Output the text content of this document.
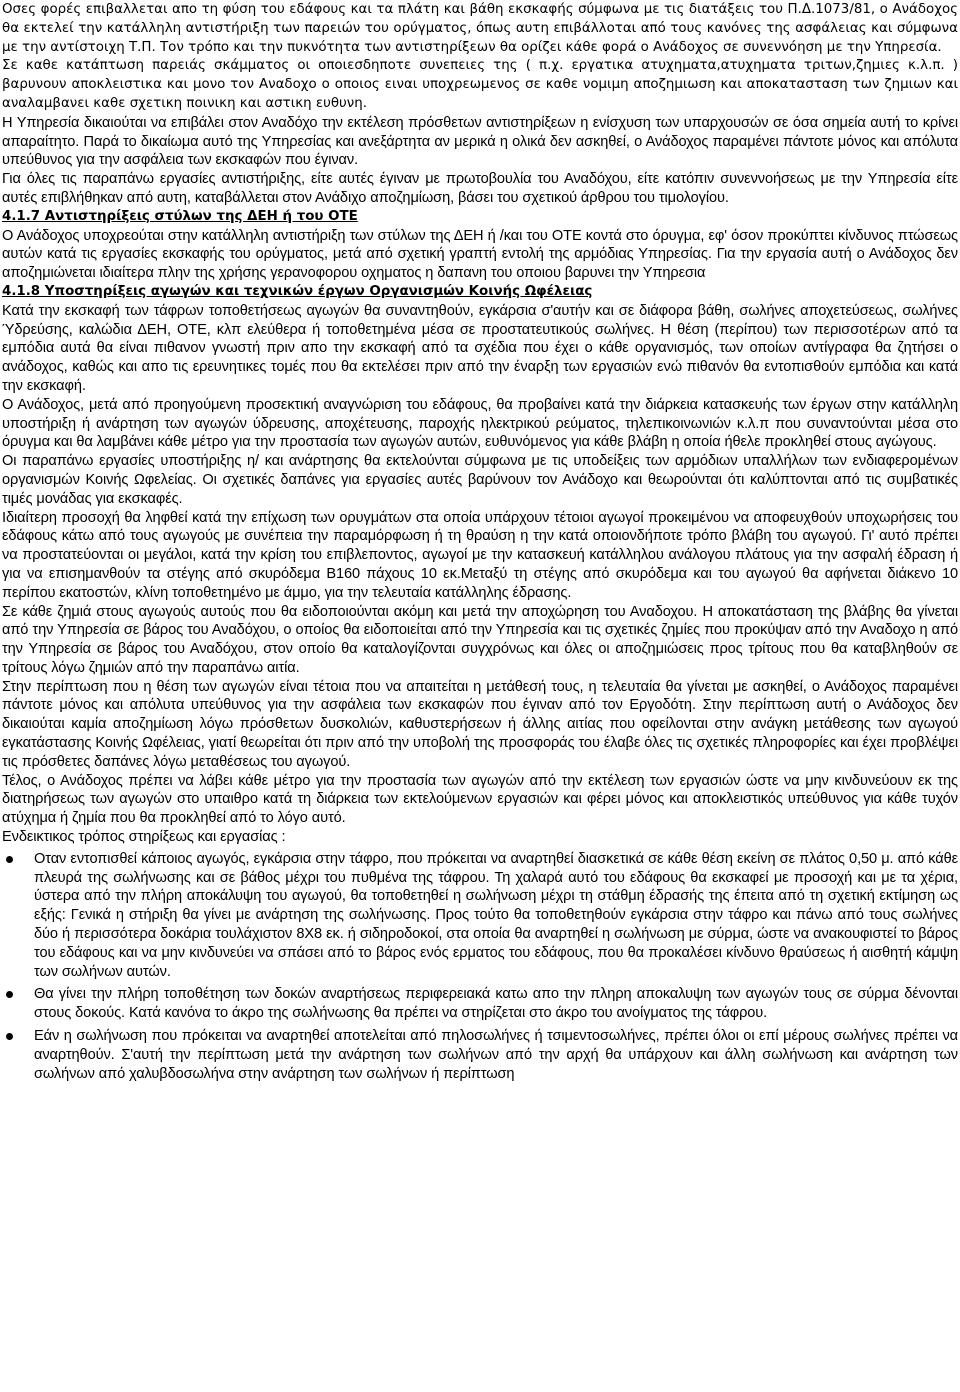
Οσες φορές επιβαλλεται απο τη φύση του εδάφους και τα πλάτη και βάθη εκσκαφής σύμφωνα με τις διατάξεις του Π.Δ.1073/81, ο Ανάδοχος θα εκτελεί την κατάλληλη αντιστήριξη των παρειών του ορύγματος, όπως αυτη επιβάλλοται από τους κανόνες της ασφάλειας και σύμφωνα με την αντίστοιχη Τ.Π. Τον τρόπο και την πυκνότητα των αντιστηρίξεων θα ορίζει κάθε φορά ο Ανάδοχος σε συνεννόηση με την Υπηρεσία.

Σε καθε κατάπτωση παρειάς σκάμματος οι οποιεσδηποτε συνεπειες της ( π.χ. εργατικα ατυχηματα,ατυχηματα τριτων,ζημιες κ.λ.π. ) βαρυνουν αποκλειστικα και μονο τον Αναδοχο ο οποιος ειναι υποχρεωμενος σε καθε νομιμη αποζημιωση και αποκατασταση των ζημιων και αναλαμβανει καθε σχετικη ποινικη και αστικη ευθυνη.

Η Υπηρεσία δικαιούται να επιβάλει στον Αναδόχο την εκτέλεση πρόσθετων αντιστηρίξεων η ενίσχυση των υπαρχουσών σε όσα σημεία αυτή το κρίνει απαραίτητο. Παρά το δικαίωμα αυτό της Υπηρεσίας και ανεξάρτητα αν μερικά η ολικά δεν ασκηθεί, ο Ανάδοχος παραμένει πάντοτε μόνος και απόλυτα υπεύθυνος για την ασφάλεια των εκσκαφών που έγιναν.

Για όλες τις παραπάνω εργασίες αντιστήριξης, είτε αυτές έγιναν με πρωτοβουλία του Αναδόχου, είτε κατόπιν συνεννοήσεως με την Υπηρεσία είτε αυτές επιβλήθηκαν από αυτη, καταβάλλεται στον Ανάδιχο αποζημίωση, βάσει του σχετικού άρθρου του τιμολογίου.

4.1.7 Αντιστηρίξεις στύλων της ΔΕΗ ή του ΟΤΕ

Ο Ανάδοχος υποχρεούται στην κατάλληλη αντιστήριξη των στύλων της ΔΕΗ ή /και του ΟΤΕ κοντά στο όρυγμα, εφ' όσον προκύπτει κίνδυνος πτώσεως αυτών κατά τις εργασίες εκσκαφής του ορύγματος, μετά από σχετική γραπτή εντολή της αρμόδιας Υπηρεσίας. Για την εργασία αυτή ο Ανάδοχος δεν αποζημιώνεται ιδιαίτερα πλην της χρήσης γερανοφορου οχηματος η δαπανη του οποιου βαρυνει την Υπηρεσια

4.1.8 Υποστηρίξεις αγωγών και τεχνικών έργων Οργανισμών Κοινής Ωφέλειας

Κατά την εκσκαφή των τάφρων τοποθετήσεως αγωγών θα συναντηθούν, εγκάρσια σ'αυτήν και σε διάφορα βάθη, σωλήνες αποχετεύσεως, σωλήνες Ύδρεύσης, καλώδια ΔΕΗ, ΟΤΕ, κλπ ελεύθερα ή τοποθετημένα μέσα σε προστατευτικούς σωλήνες. Η θέση (περίπου) των περισσοτέρων από τα εμπόδια αυτά θα είναι πιθανον γνωστή πριν απο την εκσκαφή από τα σχέδια που έχει ο κάθε οργανισμός, των οποίων αντίγραφα θα ζητήσει ο ανάδοχος, καθώς και απο τις ερευνητικες τομές που θα εκτελέσει πριν από την έναρξη των εργασιών ενώ πιθανόν θα εντοπισθούν εμπόδια και κατά την εκσκαφή.

Ο Ανάδοχος, μετά από προηγούμενη προσεκτική αναγνώριση του εδάφους, θα προβαίνει κατά την διάρκεια κατασκευής των έργων στην κατάλληλη υποστήριξη ή ανάρτηση των αγωγών ύδρευσης, αποχέτευσης, παροχής ηλεκτρικού ρεύματος, τηλεπικοινωνιών κ.λ.π που συναντούνται μέσα στο όρυγμα και θα λαμβάνει κάθε μέτρο για την προστασία των αγωγών αυτών, ευθυνόμενος για κάθε βλάβη η οποία ήθελε προκληθεί στους αγώγους.

Οι παραπάνω εργασίες υποστήριξης η/ και ανάρτησης θα εκτελούνται σύμφωνα με τις υποδείξεις των αρμόδιων υπαλλήλων των ενδιαφερομένων οργανισμών Κοινής Ωφελείας. Οι σχετικές δαπάνες για εργασίες αυτές βαρύνουν τον Ανάδοχο και θεωρούνται ότι καλύπτονται από τις συμβατικές τιμές μονάδας για εκσκαφές.

Ιδιαίτερη προσοχή θα ληφθεί κατά την επίχωση των ορυγμάτων στα οποία υπάρχουν τέτοιοι αγωγοί προκειμένου να αποφευχθούν υποχωρήσεις του εδάφους κάτω από τους αγωγούς με συνέπεια την παραμόρφωση ή τη θραύση η την κατά οποιονδήποτε τρόπο βλάβη του αγωγού. Γι' αυτό πρέπει να προστατεύονται οι μεγάλοι, κατά την κρίση του επιβλεποντος, αγωγοί με την κατασκευή κατάλληλου ανάλογου πλάτους για την ασφαλή έδραση ή για να επισημανθούν τα στέγης από σκυρόδεμα B160 πάχους 10 εκ.Μεταξύ τη στέγης από σκυρόδεμα και του αγωγού θα αφήνεται διάκενο 10 περίπου εκατοστών, κλίνη τοποθετημένο με άμμο, για την τελευταία κατάλληλης έδρασης.

Σε κάθε ζημιά στους αγωγούς αυτούς που θα ειδοποιούνται ακόμη και μετά την αποχώρηση του Αναδοχου. Η αποκατάσταση της βλάβης θα γίνεται από την Υπηρεσία σε βάρος του Αναδόχου, ο οποίος θα ειδοποιείται από την Υπηρεσία και τις σχετικές ζημίες που προκύψαν από την Αναδοχο η από την Υπηρεσία σε βάρος του Αναδόχου, στον οποίο θα καταλογίζονται συγχρόνως και όλες οι αποζημιώσεις προς τρίτους που θα καταβληθούν σε τρίτους λόγω ζημιών από την παραπάνω αιτία.

Στην περίπτωση που η θέση των αγωγών είναι τέτοια που να απαιτείται η μετάθεσή τους, η τελευταία θα γίνεται με ασκηθεί, ο Ανάδοχος παραμένει πάντοτε μόνος και απόλυτα υπεύθυνος για την ασφάλεια των εκσκαφών που έγιναν από τον Εργοδότη. Στην περίπτωση αυτή ο Ανάδοχος δεν δικαιούται καμία αποζημίωση λόγω πρόσθετων δυσκολιών, καθυστερήσεων ή άλλης αιτίας που οφείλονται στην ανάγκη μετάθεσης των αγωγού εγκατάστασης Κοινής Ωφέλειας, γιατί θεωρείται ότι πριν από την υποβολή της προσφοράς του έλαβε όλες τις σχετικές πληροφορίες και έχει προβλέψει τις πρόσθετες δαπάνες λόγω μεταθέσεως του αγωγού.

Τέλος, ο Ανάδοχος πρέπει να λάβει κάθε μέτρο για την προστασία των αγωγών από την εκτέλεση των εργασιών ώστε να μην κινδυνεύουν εκ της διατηρήσεως των αγωγών στο υπαιθρο κατά τη διάρκεια των εκτελούμενων εργασιών και φέρει μόνος και αποκλειστικός υπεύθυνος για κάθε τυχόν ατύχημα ή ζημία που θα προκληθεί από το λόγο αυτό.

Ενδεικτικος τρόπος στηρίξεως και εργασίας :

Οταν εντοπισθεί κάποιος αγωγός, εγκάρσια στην τάφρο, που πρόκειται να αναρτηθεί διασκετικά σε κάθε θέση εκείνη σε πλάτος 0,50 μ. από κάθε πλευρά της σωλήνωσης και σε βάθος μέχρι του πυθμένα της τάφρου. Τη χαλαρά αυτό του εδάφους θα εκσκαφεί με προσοχή και με τα χέρια, ύστερα από την πλήρη αποκάλυψη του αγωγού, θα τοποθετηθεί η σωλήνωση μέχρι τη στάθμη έδρασής της έπειτα από τη σχετική εκτίμηση ως εξής: Γενικά η στήριξη θα γίνει με ανάρτηση της σωλήνωσης. Προς τούτο θα τοποθετηθούν εγκάρσια στην τάφρο και πάνω από τους σωλήνες δύο ή περισσότερα δοκάρια τουλάχιστον 8Χ8 εκ. ή σιδηροδοκοί, στα οποία θα αναρτηθεί η σωλήνωση με σύρμα, ώστε να ανακουφιστεί το βάρος του εδάφους και να μην κινδυνεύει να σπάσει από το βάρος ενός ερματος του εδάφους, που θα προκαλέσει κίνδυνο θραύσεως ή αισθητή κάμψη των σωλήνων αυτών.
Θα γίνει την πλήρη τοποθέτηση των δοκών αναρτήσεως περιφερειακά κατω απο την πληρη αποκαλυψη των αγωγών τους σε σύρμα δένονται στους δοκούς. Κατά κανόνα το άκρο της σωλήνωσης θα πρέπει να στηρίζεται στο άκρο του ανοίγματος της τάφρου.
Εάν η σωλήνωση που πρόκειται να αναρτηθεί αποτελείται από πηλοσωλήνες ή τσιμεντοσωλήνες, πρέπει όλοι οι επί μέρους σωλήνες πρέπει να αναρτηθούν. Σ'αυτή την περίπτωση μετά την ανάρτηση των σωλήνων από την αρχή θα υπάρχουν και άλλη σωλήνωση και ανάρτηση των σωλήνων από χαλυβδοσωλήνα στην ανάρτηση των σωλήνων ή περίπτωση
